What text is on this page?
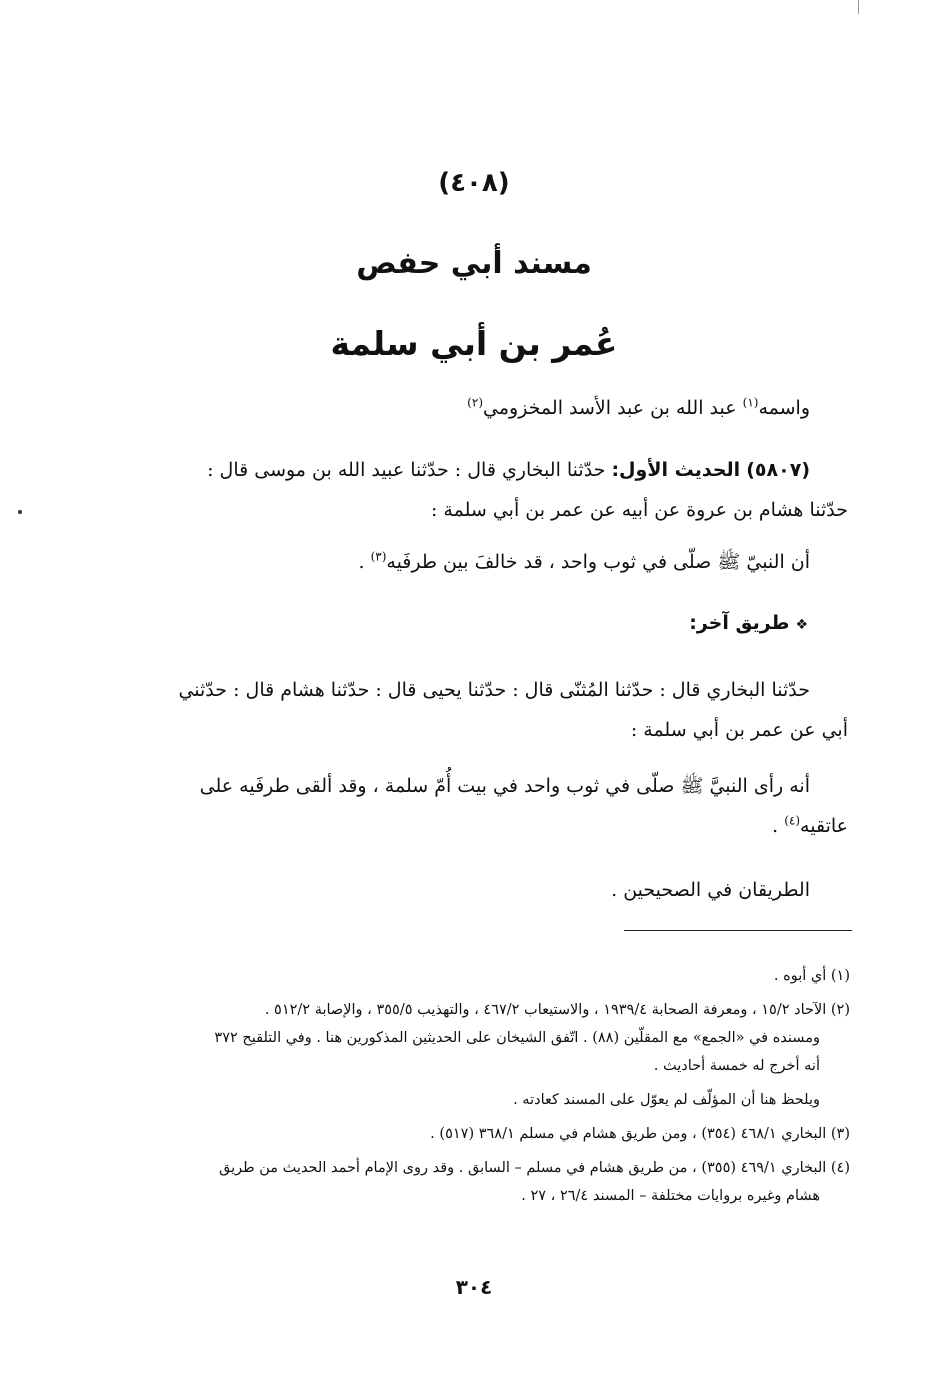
(٤٠٨)
مسند أبي حفص
عُمر بن أبي سلمة
واسمه$^{(١)}$ عبد الله بن عبد الأسد المخزومي$^{(٢)}$
(٥٨٠٧) الحديث الأول: حدّثنا البخاري قال : حدّثنا عبيد الله بن موسى قال :
حدّثنا هشام بن عروة عن أبيه عن عمر بن أبي سلمة :
أن النبيّ ﷺ صلّى في ثوب واحد ، قد خالفَ بين طرفَيه$^{(٣)}$ .
❖طريق آخر:
حدّثنا البخاري قال : حدّثنا المُثنّى قال : حدّثنا يحيى قال : حدّثنا هشام قال : حدّثني
أبي عن عمر بن أبي سلمة :
أنه رأى النبيَّ ﷺ صلّى في ثوب واحد في بيت أُمّ سلمة ، وقد ألقى طرفَيه على
عاتقيه$^{(٤)}$ .
الطريقان في الصحيحين .
(١) أي أبوه .
(٢) الآحاد ١٥/٢ ، ومعرفة الصحابة ١٩٣٩/٤ ، والاستيعاب ٤٦٧/٢ ، والتهذيب ٣٥٥/٥ ، والإصابة ٥١٢/٢ .
ومسنده في «الجمع» مع المقلّين (٨٨) . اتّفق الشيخان على الحديثين المذكورين هنا . وفي التلقيح ٣٧٢
أنه أخرج له خمسة أحاديث .
ويلحظ هنا أن المؤلّف لم يعوّل على المسند كعادته .
(٣) البخاري ٤٦٨/١ (٣٥٤) ، ومن طريق هشام في مسلم ٣٦٨/١ (٥١٧) .
(٤) البخاري ٤٦٩/١ (٣٥٥) ، من طريق هشام في مسلم – السابق . وقد روى الإمام أحمد الحديث من طريق
هشام وغيره بروايات مختلفة – المسند ٢٦/٤ ، ٢٧ .
٣٠٤
